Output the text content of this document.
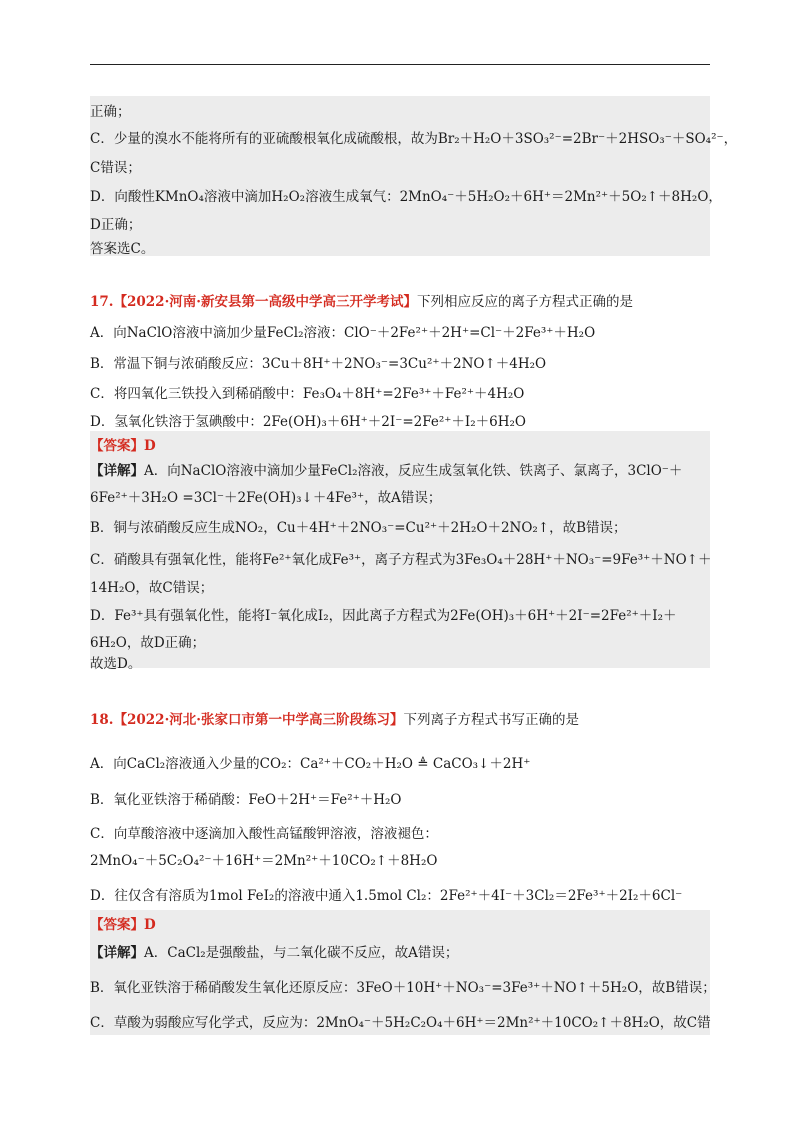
正确；
C．少量的溴水不能将所有的亚硫酸根氧化成硫酸根，故为Br₂＋H₂O＋3SO₃²⁻=2Br⁻＋2HSO₃⁻＋SO₄²⁻，
C错误；
D．向酸性KMnO₄溶液中滴加H₂O₂溶液生成氧气：2MnO₄⁻＋5H₂O₂＋6H⁺＝2Mn²⁺＋5O₂↑＋8H₂O，
D正确；
答案选C。
17.【2022·河南·新安县第一高级中学高三开学考试】下列相应反应的离子方程式正确的是
A．向NaClO溶液中滴加少量FeCl₂溶液：ClO⁻＋2Fe²⁺＋2H⁺=Cl⁻＋2Fe³⁺＋H₂O
B．常温下铜与浓硝酸反应：3Cu＋8H⁺＋2NO₃⁻=3Cu²⁺＋2NO↑＋4H₂O
C．将四氧化三铁投入到稀硝酸中：Fe₃O₄＋8H⁺=2Fe³⁺＋Fe²⁺＋4H₂O
D．氢氧化铁溶于氢碘酸中：2Fe(OH)₃＋6H⁺＋2I⁻=2Fe²⁺＋I₂＋6H₂O
【答案】D
【详解】A．向NaClO溶液中滴加少量FeCl₂溶液，反应生成氢氧化铁、铁离子、氯离子，3ClO⁻＋
6Fe²⁺＋3H₂O =3Cl⁻＋2Fe(OH)₃↓＋4Fe³⁺，故A错误；
B．铜与浓硝酸反应生成NO₂，Cu＋4H⁺＋2NO₃⁻=Cu²⁺＋2H₂O＋2NO₂↑，故B错误；
C．硝酸具有强氧化性，能将Fe²⁺氧化成Fe³⁺，离子方程式为3Fe₃O₄＋28H⁺＋NO₃⁻=9Fe³⁺＋NO↑＋
14H₂O，故C错误；
D．Fe³⁺具有强氧化性，能将I⁻氧化成I₂，因此离子方程式为2Fe(OH)₃＋6H⁺＋2I⁻=2Fe²⁺＋I₂＋
6H₂O，故D正确；
故选D。
18.【2022·河北·张家口市第一中学高三阶段练习】下列离子方程式书写正确的是
A．向CaCl₂溶液通入少量的CO₂：Ca²⁺＋CO₂＋H₂O ≜ CaCO₃↓＋2H⁺
B．氧化亚铁溶于稀硝酸：FeO＋2H⁺＝Fe²⁺＋H₂O
C．向草酸溶液中逐滴加入酸性高锰酸钾溶液，溶液褪色：
2MnO₄⁻＋5C₂O₄²⁻＋16H⁺＝2Mn²⁺＋10CO₂↑＋8H₂O
D．往仅含有溶质为1mol FeI₂的溶液中通入1.5mol Cl₂：2Fe²⁺＋4I⁻＋3Cl₂＝2Fe³⁺＋2I₂＋6Cl⁻
【答案】D
【详解】A．CaCl₂是强酸盐，与二氧化碳不反应，故A错误；
B．氧化亚铁溶于稀硝酸发生氧化还原反应：3FeO＋10H⁺＋NO₃⁻=3Fe³⁺＋NO↑＋5H₂O，故B错误；
C．草酸为弱酸应写化学式，反应为：2MnO₄⁻＋5H₂C₂O₄＋6H⁺＝2Mn²⁺＋10CO₂↑＋8H₂O，故C错
